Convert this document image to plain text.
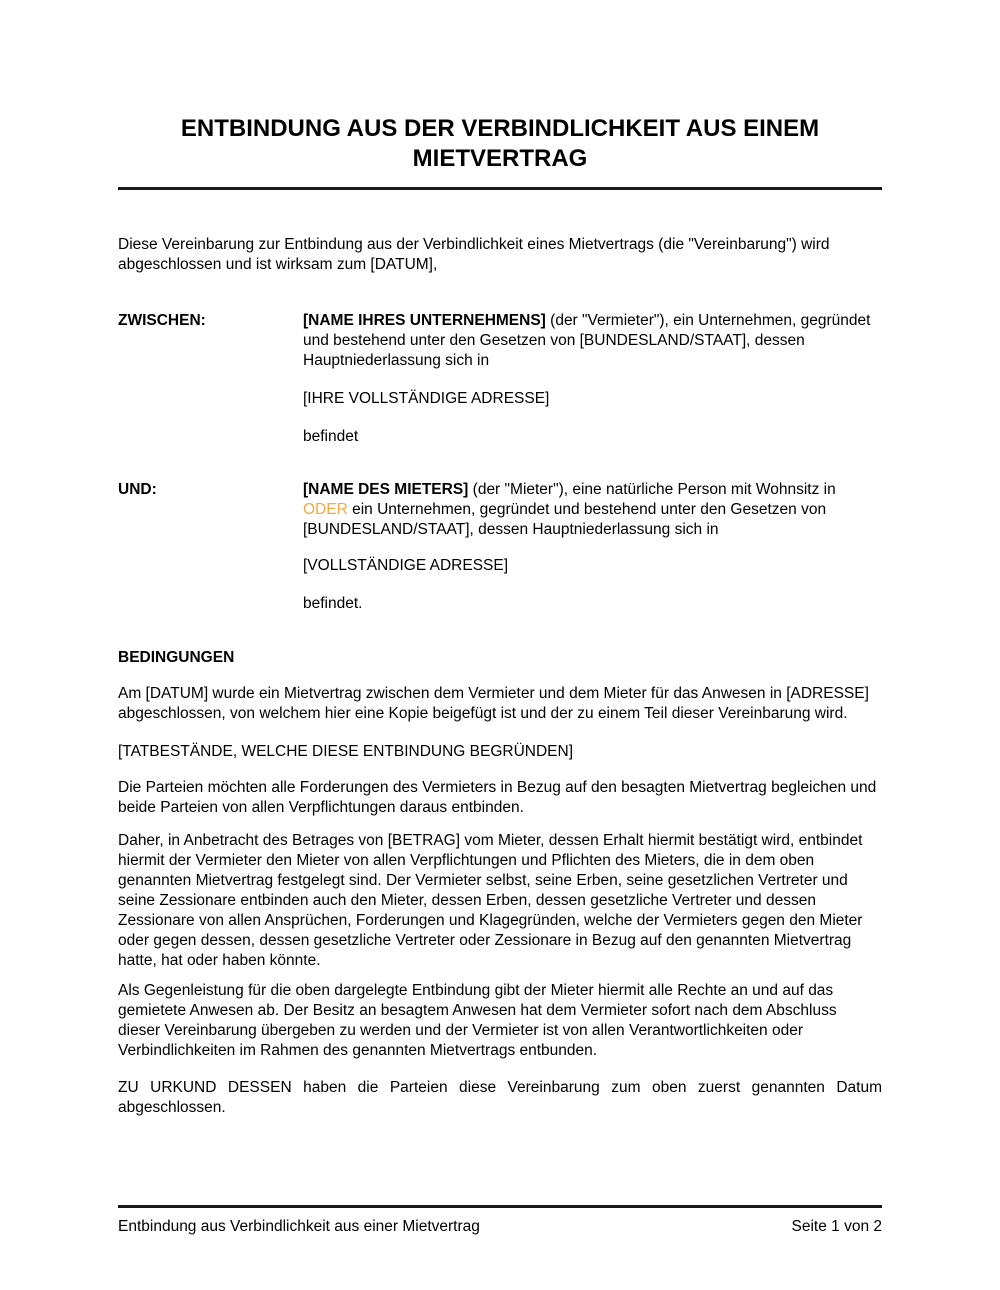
ENTBINDUNG AUS DER VERBINDLICHKEIT AUS EINEM
MIETVERTRAG

Diese Vereinbarung zur Entbindung aus der Verbindlichkeit eines Mietvertrags (die "Vereinbarung") wird abgeschlossen und ist wirksam zum [DATUM],

ZWISCHEN:	[NAME IHRES UNTERNEHMENS] (der "Vermieter"), ein Unternehmen, gegründet und bestehend unter den Gesetzen von [BUNDESLAND/STAAT], dessen Hauptniederlassung sich in

[IHRE VOLLSTÄNDIGE ADRESSE]

befindet

UND:	[NAME DES MIETERS] (der "Mieter"), eine natürliche Person mit Wohnsitz in ODER ein Unternehmen, gegründet und bestehend unter den Gesetzen von [BUNDESLAND/STAAT], dessen Hauptniederlassung sich in

[VOLLSTÄNDIGE ADRESSE]

befindet.

BEDINGUNGEN

Am [DATUM] wurde ein Mietvertrag zwischen dem Vermieter und dem Mieter für das Anwesen in [ADRESSE] abgeschlossen, von welchem hier eine Kopie beigefügt ist und der zu einem Teil dieser Vereinbarung wird.

[TATBESTÄNDE, WELCHE DIESE ENTBINDUNG BEGRÜNDEN]

Die Parteien möchten alle Forderungen des Vermieters in Bezug auf den besagten Mietvertrag begleichen und beide Parteien von allen Verpflichtungen daraus entbinden.

Daher, in Anbetracht des Betrages von [BETRAG] vom Mieter, dessen Erhalt hiermit bestätigt wird, entbindet hiermit der Vermieter den Mieter von allen Verpflichtungen und Pflichten des Mieters, die in dem oben genannten Mietvertrag festgelegt sind. Der Vermieter selbst, seine Erben, seine gesetzlichen Vertreter und seine Zessionare entbinden auch den Mieter, dessen Erben, dessen gesetzliche Vertreter und dessen Zessionare von allen Ansprüchen, Forderungen und Klagegründen, welche der Vermieters gegen den Mieter oder gegen dessen, dessen gesetzliche Vertreter oder Zessionare in Bezug auf den genannten Mietvertrag hatte, hat oder haben könnte.

Als Gegenleistung für die oben dargelegte Entbindung gibt der Mieter hiermit alle Rechte an und auf das gemietete Anwesen ab. Der Besitz an besagtem Anwesen hat dem Vermieter sofort nach dem Abschluss dieser Vereinbarung übergeben zu werden und der Vermieter ist von allen Verantwortlichkeiten oder Verbindlichkeiten im Rahmen des genannten Mietvertrags entbunden.

ZU URKUND DESSEN haben die Parteien diese Vereinbarung zum oben zuerst genannten Datum abgeschlossen.

Entbindung aus Verbindlichkeit aus einer Mietvertrag	Seite 1 von 2
